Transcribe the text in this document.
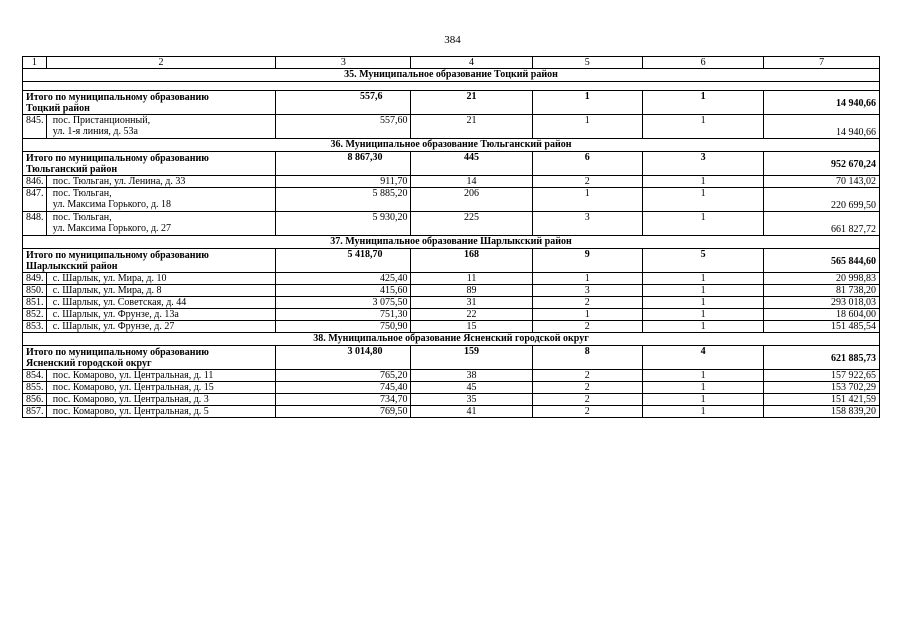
384
1	2	3	4	5	6	7
35. Муниципальное образование Тоцкий район						

Итого по муниципальному образованию
Тоцкий район		557,6	21	1	1	14 940,66
845.	пос. Пристанционный,
ул. 1-я линия, д. 53а	557,60	21	1	1	14 940,66
36. Муниципальное образование Тюльганский район						

Итого по муниципальному образованию
Тюльганский район		8 867,30	445	6	3	952 670,24
846.	пос. Тюльган, ул. Ленина, д. 33	911,70	14	2	1	70 143,02
847.	пос. Тюльган,
ул. Максима Горького, д. 18	5 885,20	206	1	1	220 699,50
848.	пос. Тюльган,
ул. Максима Горького, д. 27	5 930,20	225	3	1	661 827,72
37. Муниципальное образование Шарлыкский район						

Итого по муниципальному образованию
Шарлыкский район		5 418,70	168	9	5	565 844,60
849.	с. Шарлык, ул. Мира, д. 10	425,40	11	1	1	20 998,83
850.	с. Шарлык, ул. Мира, д. 8	415,60	89	3	1	81 738,20
851.	с. Шарлык, ул. Советская, д. 44	3 075,50	31	2	1	293 018,03
852.	с. Шарлык, ул. Фрунзе, д. 13а	751,30	22	1	1	18 604,00
853.	с. Шарлык, ул. Фрунзе, д. 27	750,90	15	2	1	151 485,54
38. Муниципальное образование Ясненский городской округ						

Итого по муниципальному образованию
Ясненский городской округ		3 014,80	159	8	4	621 885,73
854.	пос. Комарово, ул. Центральная, д. 11	765,20	38	2	1	157 922,65
855.	пос. Комарово, ул. Центральная, д. 15	745,40	45	2	1	153 702,29
856.	пос. Комарово, ул. Центральная, д. 3	734,70	35	2	1	151 421,59
857.	пос. Комарово, ул. Центральная, д. 5	769,50	41	2	1	158 839,20
